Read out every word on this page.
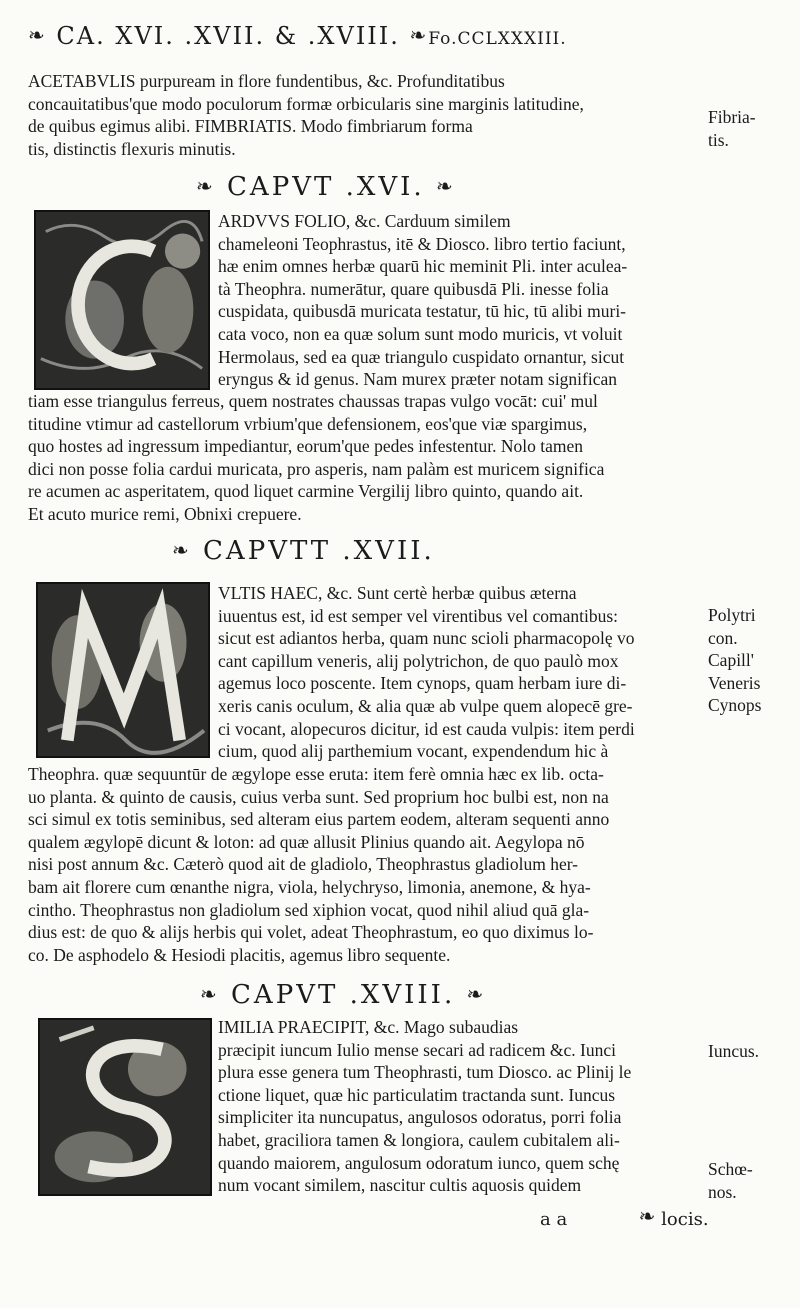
❧ CA. XVI. .XVII. & .XVIII. ❧Fo.CCLXXXIII.
ACETABVLIS purpuream in flore fundentibus, &c. Profunditatibus
concauitatibus'que modo poculorum formæ orbicularis sine marginis latitudine,
de quibus egimus alibi. FIMBRIATIS. Modo fimbriarum forma
tis, distinctis flexuris minutis.
❧ CAPVT .XVI. ❧
ARDVVS FOLIO, &c. Carduum similem
chameleoni Teophrastus, itē & Diosco. libro tertio faciunt,
hæ enim omnes herbæ quarū hic meminit Pli. inter aculea-
tà Theophra. numerātur, quare quibusdā Pli. inesse folia
cuspidata, quibusdā muricata testatur, tū hic, tū alibi muri-
cata voco, non ea quæ solum sunt modo muricis, vt voluit
Hermolaus, sed ea quæ triangulo cuspidato ornantur, sicut
eryngus & id genus. Nam murex præter notam significan
tiam esse triangulus ferreus, quem nostrates chaussas trapas vulgo vocāt: cui' mul
titudine vtimur ad castellorum vrbium'que defensionem, eos'que viæ spargimus,
quo hostes ad ingressum impediantur, eorum'que pedes infestentur. Nolo tamen
dici non posse folia cardui muricata, pro asperis, nam palàm est muricem significa
re acumen ac asperitatem, quod liquet carmine Vergilij libro quinto, quando ait.
Et acuto murice remi, Obnixi crepuere.
❧ CAPVTT .XVII.
VLTIS HAEC, &c. Sunt certè herbæ quibus æterna
iuuentus est, id est semper vel virentibus vel comantibus:
sicut est adiantos herba, quam nunc scioli pharmacopolę vo
cant capillum veneris, alij polytrichon, de quo paulò mox
agemus loco poscente. Item cynops, quam herbam iure di-
xeris canis oculum, & alia quæ ab vulpe quem alopecē gre-
ci vocant, alopecuros dicitur, id est cauda vulpis: item perdi
cium, quod alij parthemium vocant, expendendum hic à
Theophra. quæ sequuntūr de ægylope esse eruta: item ferè omnia hæc ex lib. octa-
uo planta. & quinto de causis, cuius verba sunt. Sed proprium hoc bulbi est, non na
sci simul ex totis seminibus, sed alteram eius partem eodem, alteram sequenti anno
qualem ægylopē dicunt & loton: ad quæ allusit Plinius quando ait. Aegylopa nō
nisi post annum &c. Cæterò quod ait de gladiolo, Theophrastus gladiolum her-
bam ait florere cum œnanthe nigra, viola, helychryso, limonia, anemone, & hya-
cintho. Theophrastus non gladiolum sed xiphion vocat, quod nihil aliud quā gla-
dius est: de quo & alijs herbis qui volet, adeat Theophrastum, eo quo diximus lo-
co. De asphodelo & Hesiodi placitis, agemus libro sequente.
❧ CAPVT .XVIII. ❧
IMILIA PRAECIPIT, &c. Mago subaudias
præcipit iuncum Iulio mense secari ad radicem &c. Iunci
plura esse genera tum Theophrasti, tum Diosco. ac Plinij le
ctione liquet, quæ hic particulatim tractanda sunt. Iuncus
simpliciter ita nuncupatus, angulosos odoratus, porri folia
habet, graciliora tamen & longiora, caulem cubitalem ali-
quando maiorem, angulosum odoratum iunco, quem schę
num vocant similem, nascitur cultis aquosis quidem
Fibria-
tis.
Polytri
con.
Capill'
Veneris
Cynops
Iuncus.
Schœ-
nos.
a a	❧ locis.
